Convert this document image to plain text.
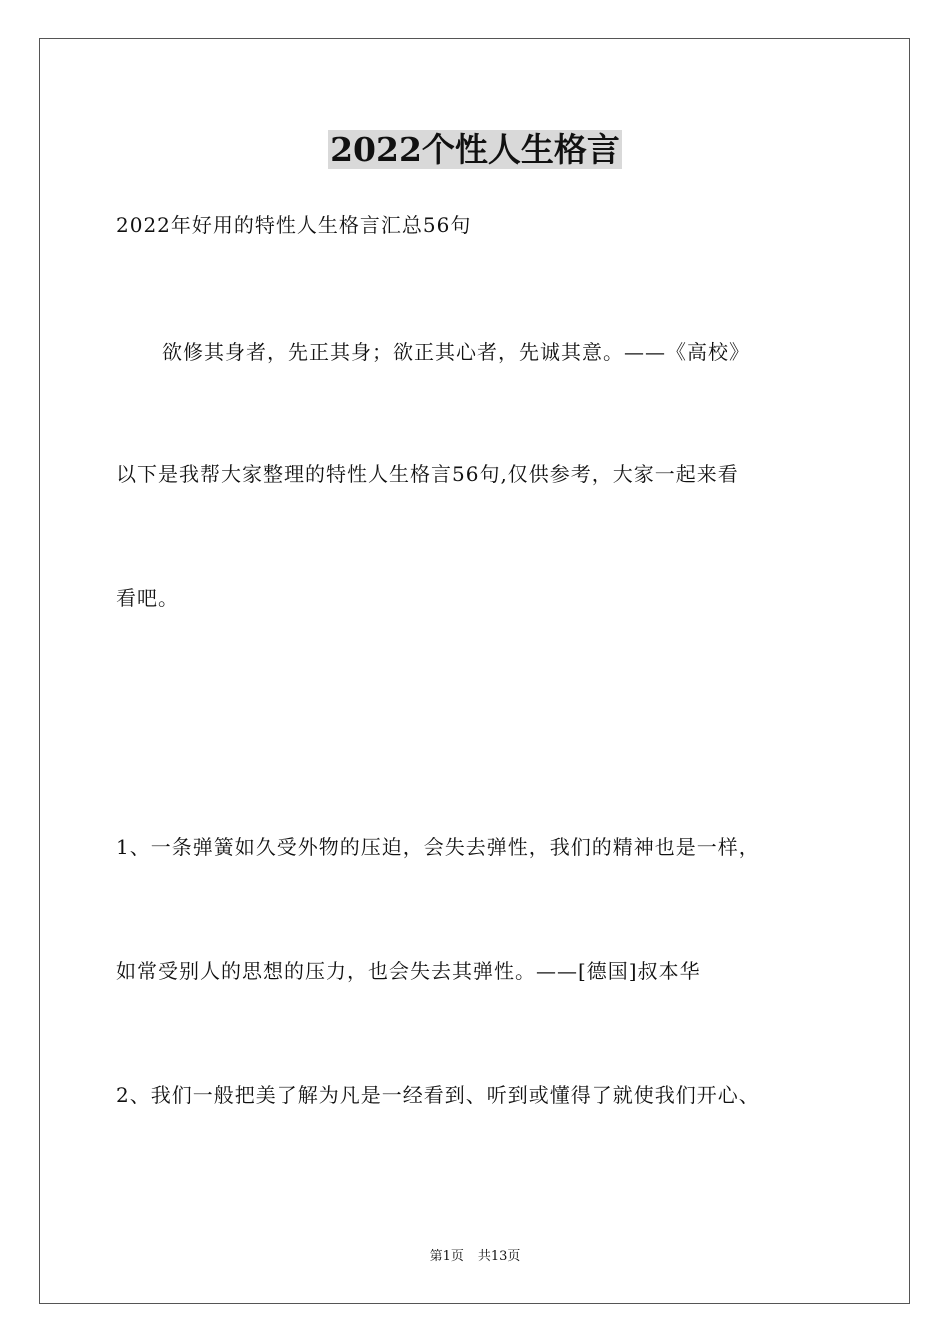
2022个性人生格言
2022年好用的特性人生格言汇总56句
欲修其身者，先正其身；欲正其心者，先诚其意。——《高校》
以下是我帮大家整理的特性人生格言56句,仅供参考，大家一起来看
看吧。
1、一条弹簧如久受外物的压迫，会失去弹性，我们的精神也是一样，
如常受别人的思想的压力，也会失去其弹性。——[德国]叔本华
2、我们一般把美了解为凡是一经看到、听到或懂得了就使我们开心、
第1页 共13页
